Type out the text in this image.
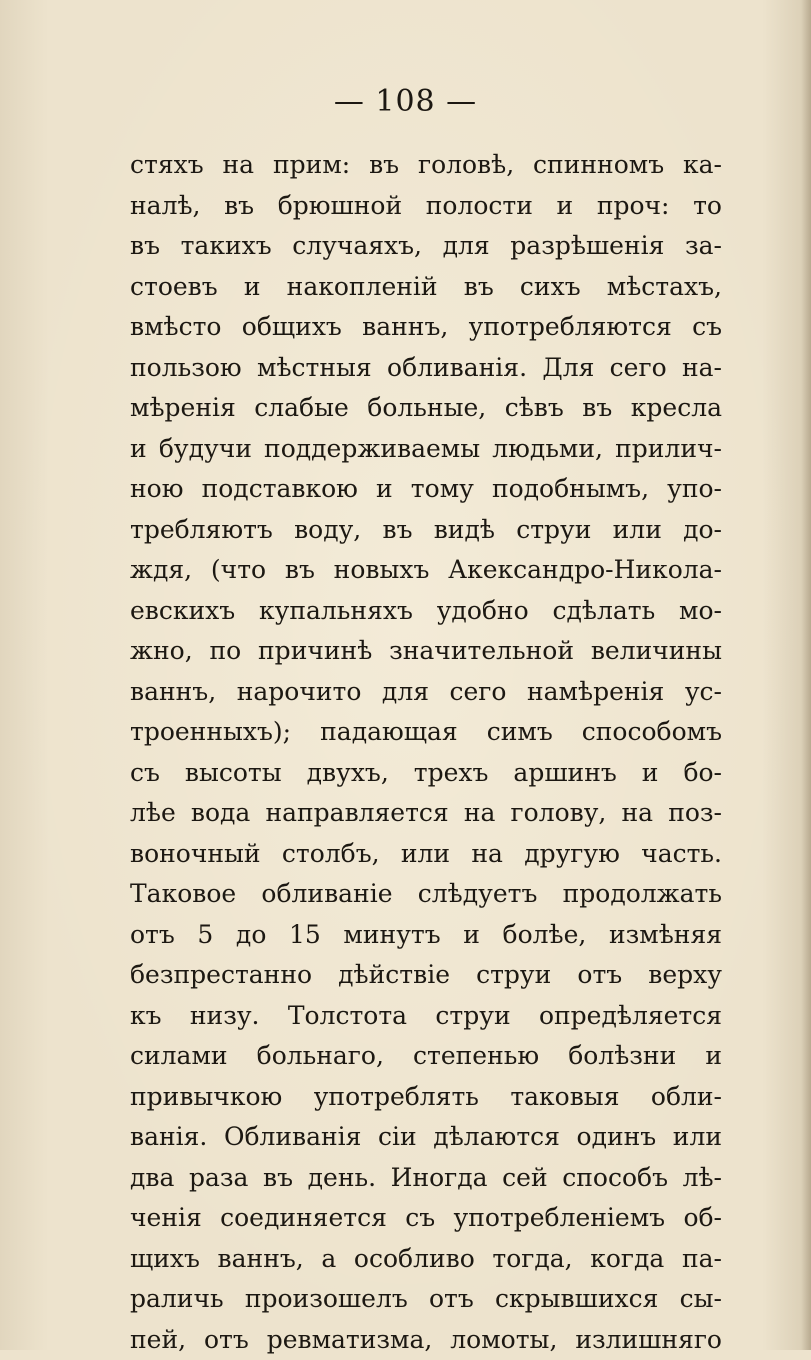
— 108 —
стяхъ на прим: въ головѣ, спинномъ ка-
налѣ, въ брюшной полости и проч: то
въ такихъ случаяхъ, для разрѣшенія за-
стоевъ и накопленій въ сихъ мѣстахъ,
вмѣсто общихъ ваннъ, употребляются съ
пользою мѣстныя обливанія. Для сего на-
мѣренія слабые больные, сѣвъ въ кресла
и будучи поддерживаемы людьми, прилич-
ною подставкою и тому подобнымъ, упо-
требляютъ воду, въ видѣ струи или до-
ждя, (что въ новыхъ Акександро-Никола-
евскихъ купальняхъ удобно сдѣлать мо-
жно, по причинѣ значительной величины
ваннъ, нарочито для сего намѣренія ус-
троенныхъ); падающая симъ способомъ
съ высоты двухъ, трехъ аршинъ и бо-
лѣе вода направляется на голову, на поз-
воночный столбъ, или на другую часть.
Таковое обливаніе слѣдуетъ продолжать
отъ 5 до 15 минутъ и болѣе, измѣняя
безпрестанно дѣйствіе струи отъ верху
къ низу. Толстота струи опредѣляется
силами больнаго, степенью болѣзни и
привычкою употреблять таковыя обли-
ванія. Обливанія сіи дѣлаются одинъ или
два раза въ день. Иногда сей способъ лѣ-
ченія соединяется съ употребленіемъ об-
щихъ ваннъ, а особливо тогда, когда па-
раличь произошелъ отъ скрывшихся сы-
пей, отъ ревматизма, ломоты, излишняго
